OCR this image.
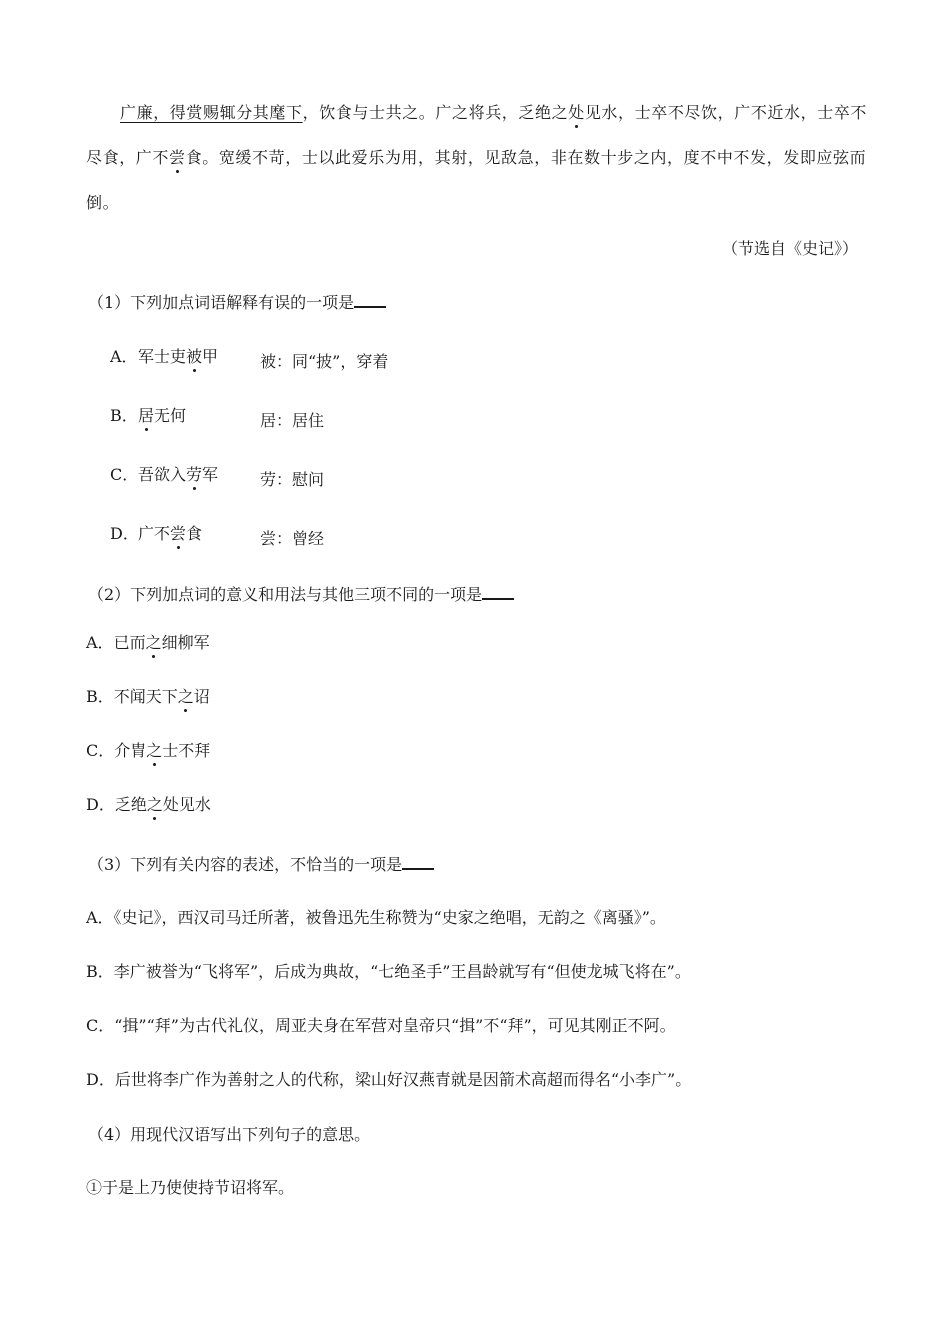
广廉，得赏赐辄分其麾下，饮食与士共之。广之将兵，乏绝之处见水，士卒不尽饮，广不近水，士卒不尽食，广不尝食。宽缓不苛，士以此爱乐为用，其射，见敌急，非在数十步之内，度不中不发，发即应弦而倒。

（节选自《史记》）
（1）下列加点词语解释有误的一项是
A．军士吏被甲	被：同“披”，穿着
B．居无何	居：居住
C．吾欲入劳军	劳：慰问
D．广不尝食	尝：曾经
（2）下列加点词的意义和用法与其他三项不同的一项是
A．已而之细柳军
B．不闻天下之诏
C．介胄之士不拜
D．乏绝之处见水
（3）下列有关内容的表述，不恰当的一项是
A．《史记》，西汉司马迁所著，被鲁迅先生称赞为“史家之绝唱，无韵之《离骚》”。
B．李广被誉为“飞将军”，后成为典故，“七绝圣手”王昌龄就写有“但使龙城飞将在”。
C．“揖”“拜”为古代礼仪，周亚夫身在军营对皇帝只“揖”不“拜”，可见其刚正不阿。
D．后世将李广作为善射之人的代称，梁山好汉燕青就是因箭术高超而得名“小李广”。
（4）用现代汉语写出下列句子的意思。
①于是上乃使使持节诏将军。
